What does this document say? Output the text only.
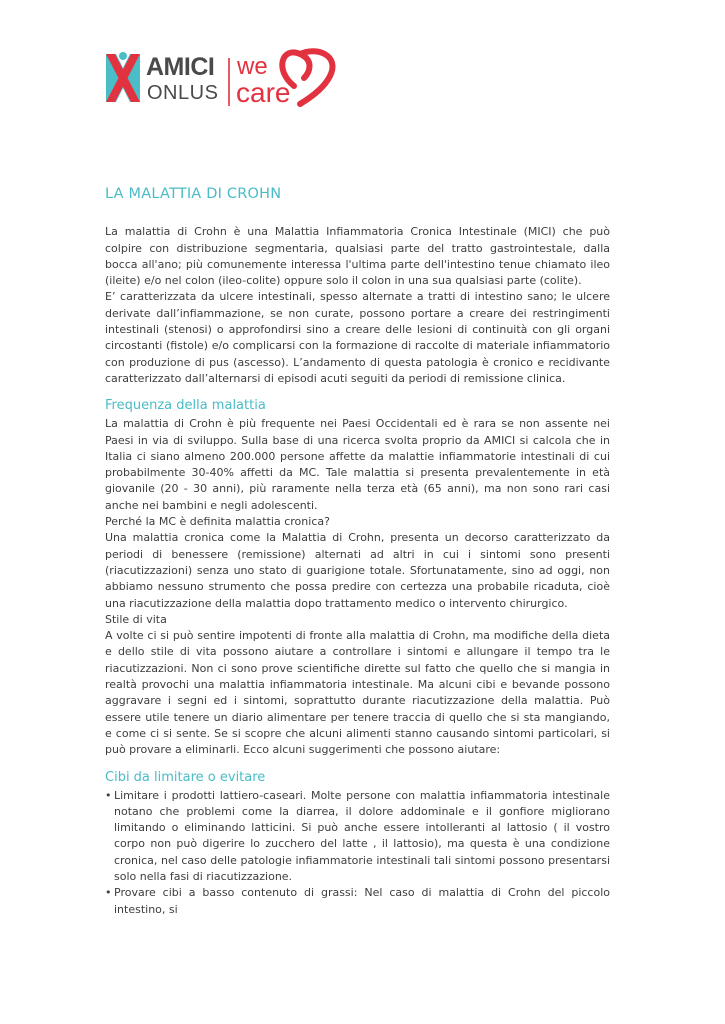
AMICI
ONLUS
we
care
LA MALATTIA DI CROHN

La malattia di Crohn è una Malattia Infiammatoria Cronica Intestinale (MICI) che può colpire con distribuzione segmentaria, qualsiasi parte del tratto gastrointestale, dalla bocca all'ano; più comunemente interessa l'ultima parte dell'intestino tenue chiamato ileo (ileite) e/o nel colon (ileo-colite) oppure solo il colon in una sua qualsiasi parte (colite).

E’ caratterizzata da ulcere intestinali, spesso alternate a tratti di intestino sano; le ulcere derivate dall’infiammazione, se non curate, possono portare a creare dei restringimenti intestinali (stenosi) o approfondirsi sino a creare delle lesioni di continuità con gli organi circostanti (fistole) e/o complicarsi con la formazione di raccolte di materiale infiammatorio con produzione di pus (ascesso). L’andamento di questa patologia è cronico e recidivante caratterizzato dall’alternarsi di episodi acuti seguiti da periodi di remissione clinica.

Frequenza della malattia

La malattia di Crohn è più frequente nei Paesi Occidentali ed è rara se non assente nei Paesi in via di sviluppo. Sulla base di una ricerca svolta proprio da AMICI si calcola che in Italia ci siano almeno 200.000 persone affette da malattie infiammatorie intestinali di cui probabilmente 30-40% affetti da MC. Tale malattia si presenta prevalentemente in età giovanile (20 - 30 anni), più raramente nella terza età (65 anni), ma non sono rari casi anche nei bambini e negli adolescenti.

Perché la MC è definita malattia cronica?

Una malattia cronica come la Malattia di Crohn, presenta un decorso caratterizzato da periodi di benessere (remissione) alternati ad altri in cui i sintomi sono presenti (riacutizzazioni) senza uno stato di guarigione totale. Sfortunatamente, sino ad oggi, non abbiamo nessuno strumento che possa predire con certezza una probabile ricaduta, cioè una riacutizzazione della malattia dopo trattamento medico o intervento chirurgico.

Stile di vita

A volte ci si può sentire impotenti di fronte alla malattia di Crohn, ma modifiche della dieta e dello stile di vita possono aiutare a controllare i sintomi e allungare il tempo tra le riacutizzazioni. Non ci sono prove scientifiche dirette sul fatto che quello che si mangia in realtà provochi una malattia infiammatoria intestinale. Ma alcuni cibi e bevande possono aggravare i segni ed i sintomi, soprattutto durante riacutizzazione della malattia. Può essere utile tenere un diario alimentare per tenere traccia di quello che si sta mangiando, e come ci si sente. Se si scopre che alcuni alimenti stanno causando sintomi particolari, si può provare a eliminarli. Ecco alcuni suggerimenti che possono aiutare:

Cibi da limitare o evitare
• Limitare i prodotti lattiero-caseari. Molte persone con malattia infiammatoria intestinale notano che problemi come la diarrea, il dolore addominale e il gonfiore migliorano limitando o eliminando latticini. Si può anche essere intolleranti al lattosio ( il vostro corpo non può digerire lo zucchero del latte , il lattosio), ma questa è una condizione cronica, nel caso delle patologie infiammatorie intestinali tali sintomi possono presentarsi solo nella fasi di riacutizzazione.
• Provare cibi a basso contenuto di grassi: Nel caso di malattia di Crohn del piccolo intestino, si
